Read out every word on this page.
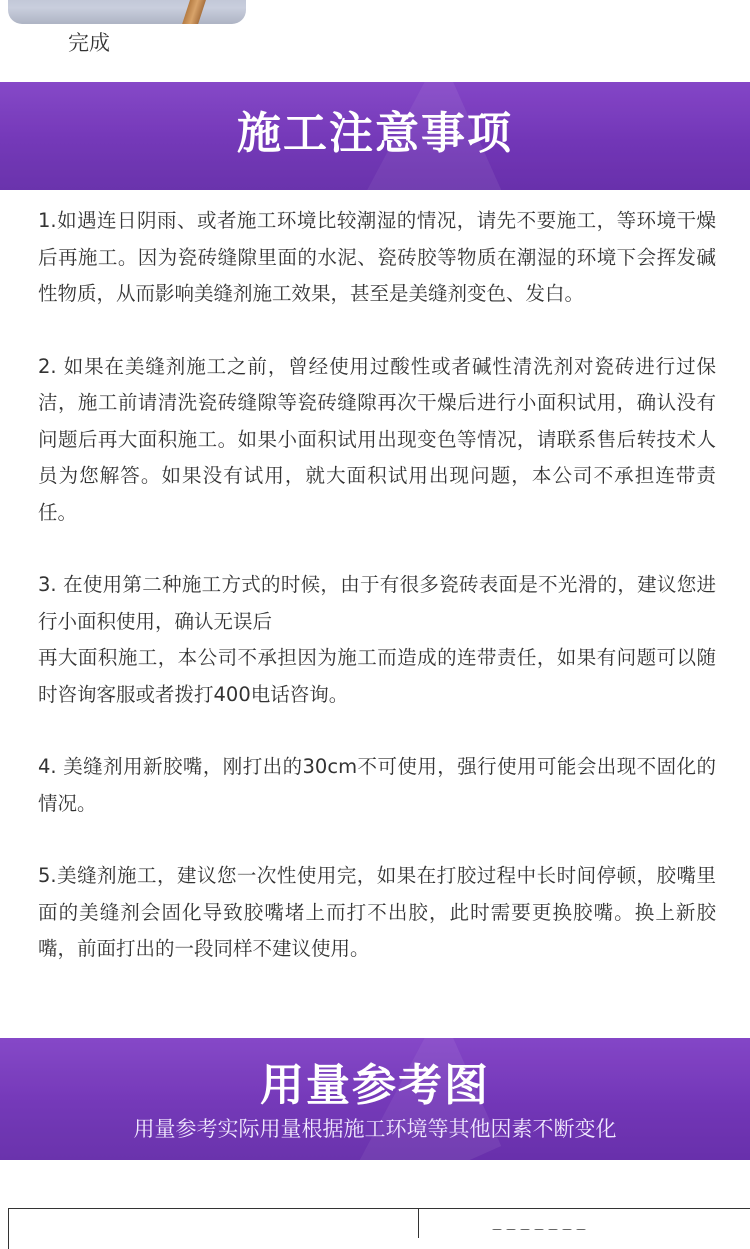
完成
施工注意事项

1.如遇连日阴雨、或者施工环境比较潮湿的情况，请先不要施工，等环境干燥后再施工。因为瓷砖缝隙里面的水泥、瓷砖胶等物质在潮湿的环境下会挥发碱性物质，从而影响美缝剂施工效果，甚至是美缝剂变色、发白。

2. 如果在美缝剂施工之前，曾经使用过酸性或者碱性清洗剂对瓷砖进行过保洁，施工前请清洗瓷砖缝隙等瓷砖缝隙再次干燥后进行小面积试用，确认没有问题后再大面积施工。如果小面积试用出现变色等情况，请联系售后转技术人员为您解答。如果没有试用，就大面积试用出现问题，本公司不承担连带责任。

3. 在使用第二种施工方式的时候，由于有很多瓷砖表面是不光滑的，建议您进行小面积使用，确认无误后
再大面积施工，本公司不承担因为施工而造成的连带责任，如果有问题可以随时咨询客服或者拨打400电话咨询。

4. 美缝剂用新胶嘴，刚打出的30cm不可使用，强行使用可能会出现不固化的情况。

5.美缝剂施工，建议您一次性使用完，如果在打胶过程中长时间停顿，胶嘴里面的美缝剂会固化导致胶嘴堵上而打不出胶，此时需要更换胶嘴。换上新胶嘴，前面打出的一段同样不建议使用。

用量参考图
用量参考实际用量根据施工环境等其他因素不断变化
